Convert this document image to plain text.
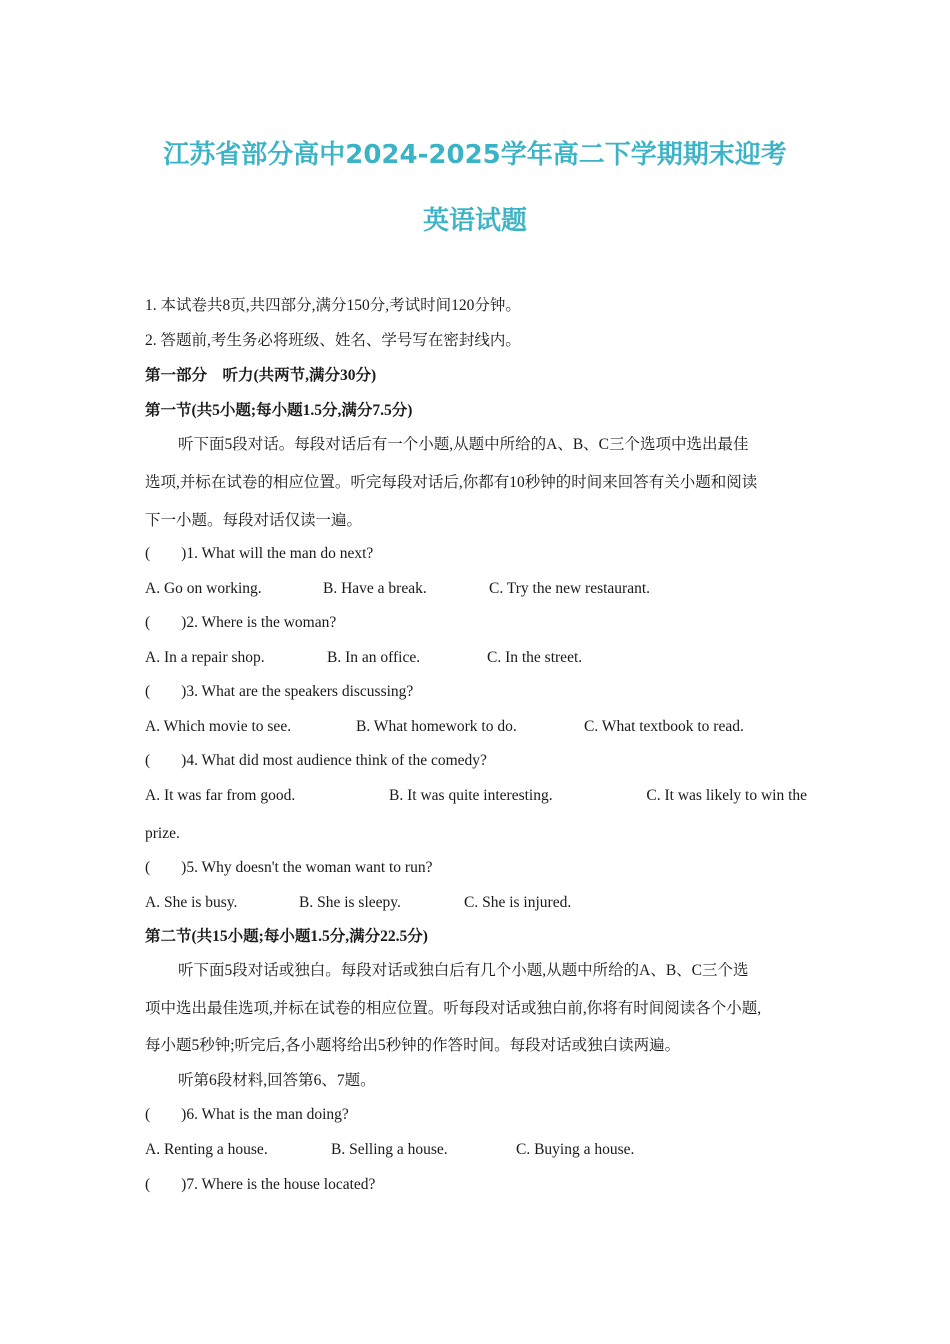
江苏省部分高中2024-2025学年高二下学期期末迎考
英语试题
1. 本试卷共8页,共四部分,满分150分,考试时间120分钟。
2. 答题前,考生务必将班级、姓名、学号写在密封线内。
第一部分　听力(共两节,满分30分)
第一节(共5小题;每小题1.5分,满分7.5分)
听下面5段对话。每段对话后有一个小题,从题中所给的A、B、C三个选项中选出最佳
选项,并标在试卷的相应位置。听完每段对话后,你都有10秒钟的时间来回答有关小题和阅读
下一小题。每段对话仅读一遍。
(　　)1. What will the man do next?
A. Go on working.	B. Have a break.	C. Try the new restaurant.
(　　)2. Where is the woman?
A. In a repair shop.	B. In an office.	C. In the street.
(　　)3. What are the speakers discussing?
A. Which movie to see.	B. What homework to do.	C. What textbook to read.
(　　)4. What did most audience think of the comedy?
A. It was far from good.	B. It was quite interesting.	C. It was likely to win the
prize.
(　　)5. Why doesn't the woman want to run?
A. She is busy.	B. She is sleepy.	C. She is injured.
第二节(共15小题;每小题1.5分,满分22.5分)
听下面5段对话或独白。每段对话或独白后有几个小题,从题中所给的A、B、C三个选
项中选出最佳选项,并标在试卷的相应位置。听每段对话或独白前,你将有时间阅读各个小题,
每小题5秒钟;听完后,各小题将给出5秒钟的作答时间。每段对话或独白读两遍。
听第6段材料,回答第6、7题。
(　　)6. What is the man doing?
A. Renting a house.	B. Selling a house.	C. Buying a house.
(　　)7. Where is the house located?
